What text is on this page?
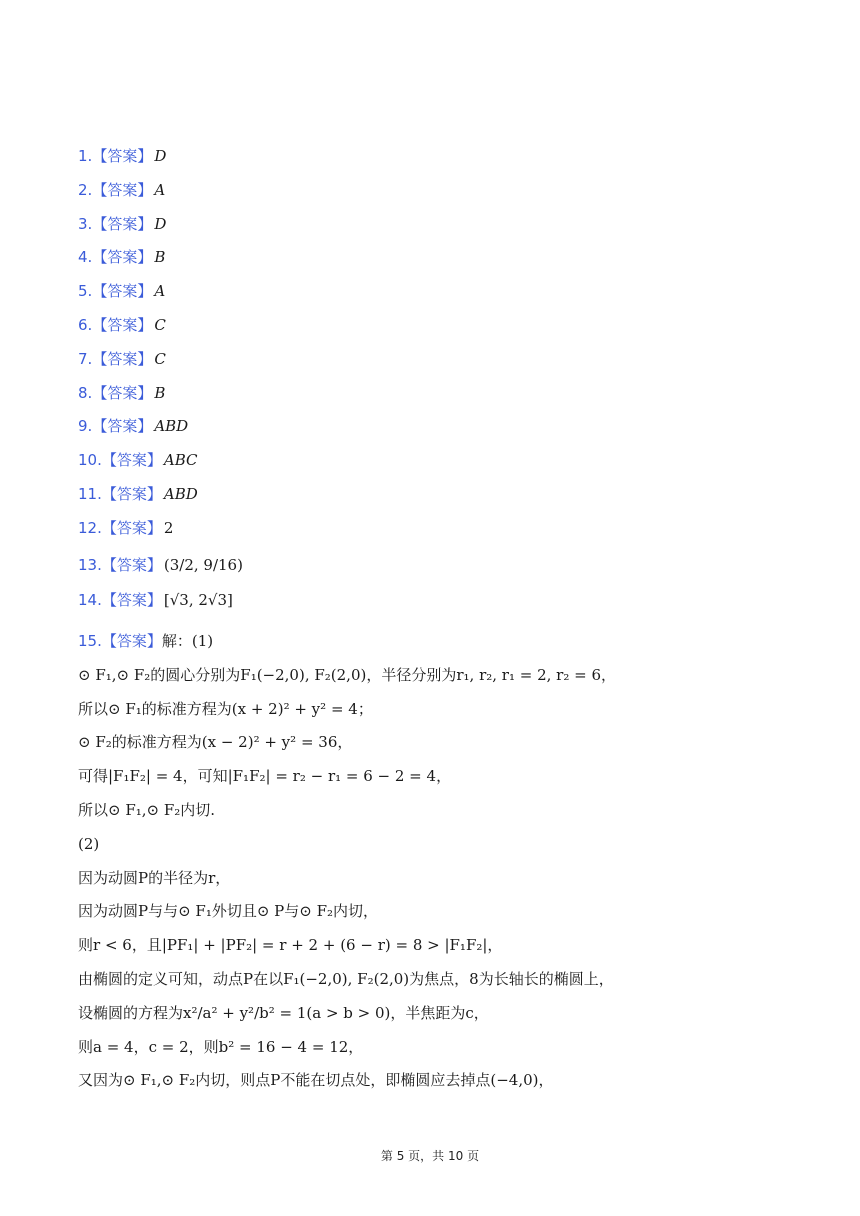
1.【答案】 D
2.【答案】 A
3.【答案】 D
4.【答案】 B
5.【答案】 A
6.【答案】 C
7.【答案】 C
8.【答案】 B
9.【答案】 ABD
10.【答案】 ABC
11.【答案】 ABD
12.【答案】 2
13.【答案】 (3/2, 9/16)
14.【答案】 [√3, 2√3]
15.【答案】解：(1)
⊙ F₁,⊙ F₂的圆心分别为F₁(−2,0), F₂(2,0)，半径分别为r₁, r₂, r₁ = 2, r₂ = 6，
所以⊙ F₁的标准方程为(x + 2)² + y² = 4；
⊙ F₂的标准方程为(x − 2)² + y² = 36，
可得|F₁F₂| = 4，可知|F₁F₂| = r₂ − r₁ = 6 − 2 = 4，
所以⊙ F₁,⊙ F₂内切.
(2)
因为动圆P的半径为r，
因为动圆P与与⊙ F₁外切且⊙ P与⊙ F₂内切，
则r < 6，且|PF₁| + |PF₂| = r + 2 + (6 − r) = 8 > |F₁F₂|，
由椭圆的定义可知，动点P在以F₁(−2,0), F₂(2,0)为焦点，8为长轴长的椭圆上，
设椭圆的方程为x²/a² + y²/b² = 1(a > b > 0)，半焦距为c，
则a = 4，c = 2，则b² = 16 − 4 = 12，
又因为⊙ F₁,⊙ F₂内切，则点P不能在切点处，即椭圆应去掉点(−4,0)，
第 5 页，共 10 页
